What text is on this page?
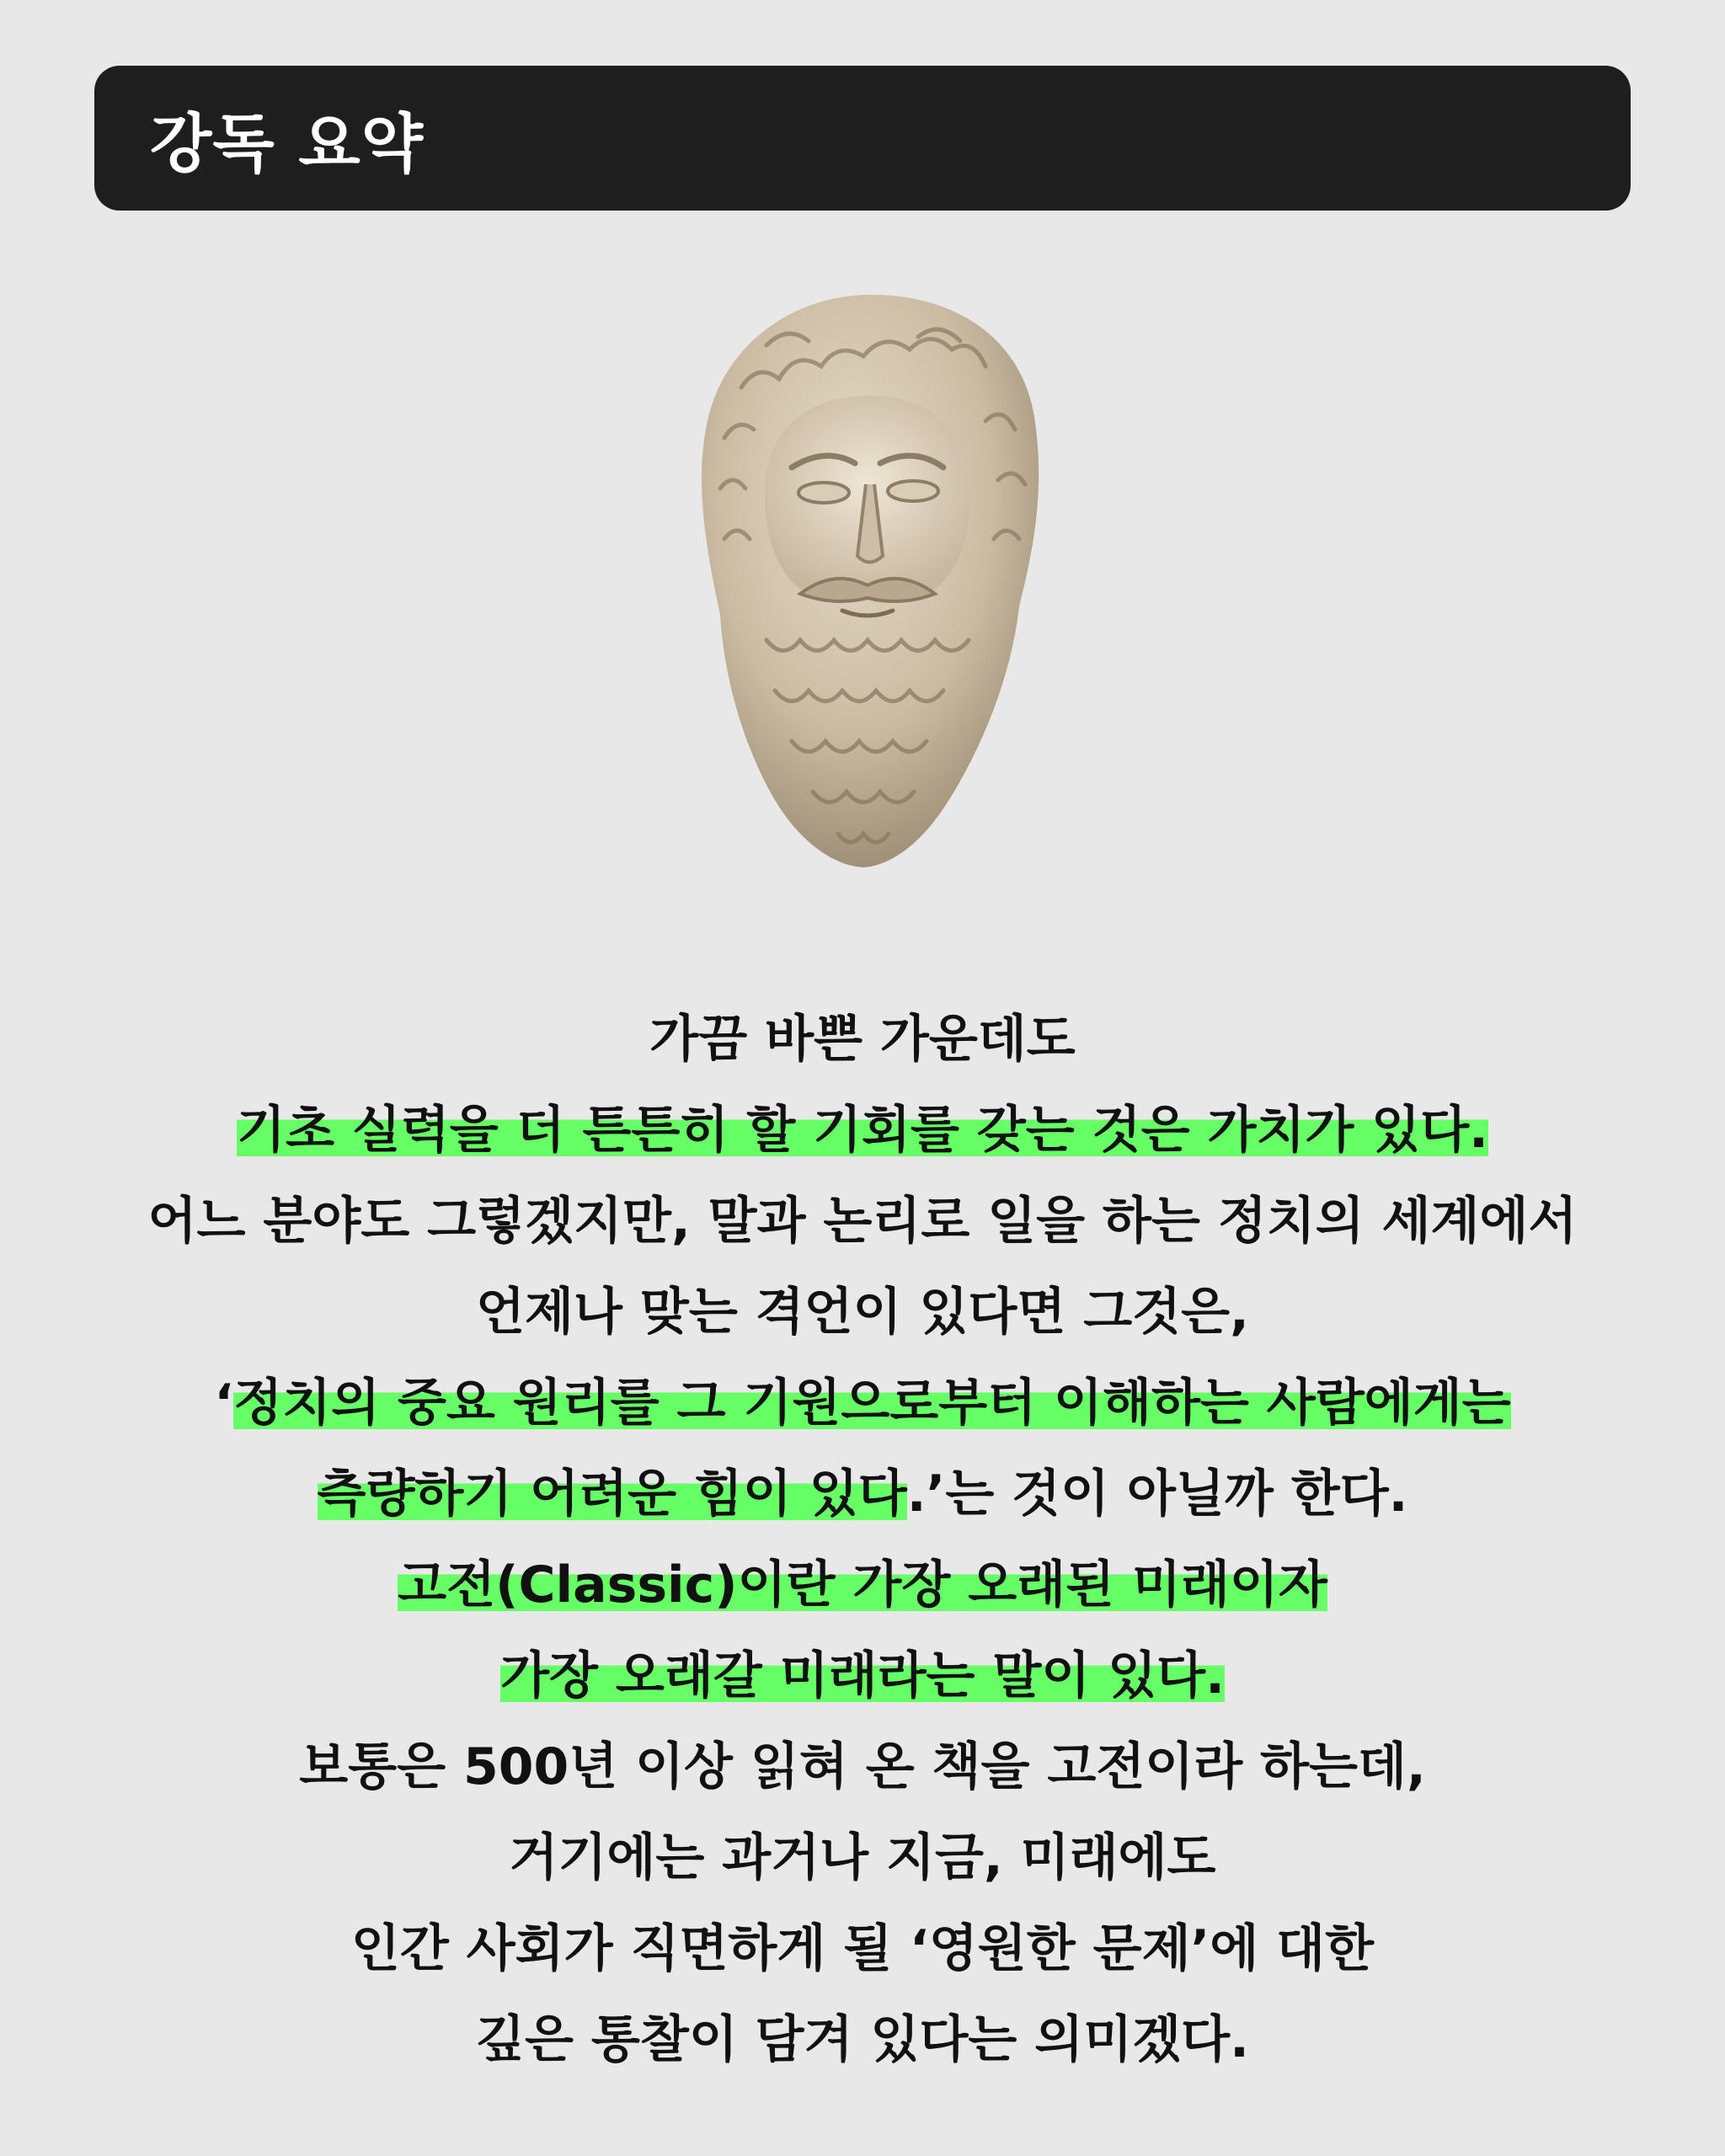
강독 요약
가끔 바쁜 가운데도
기초 실력을 더 튼튼히 할 기회를 갖는 것은 가치가 있다.
어느 분야도 그렇겠지만, 말과 논리로 일을 하는 정치의 세계에서
언제나 맞는 격언이 있다면 그것은,
‘정치의 중요 원리를 그 기원으로부터 이해하는 사람에게는
측량하기 어려운 힘이 있다.’는 것이 아닐까 한다.
고전(Classic)이란 가장 오래된 미래이자
가장 오래갈 미래라는 말이 있다.
보통은 500년 이상 읽혀 온 책을 고전이라 하는데,
거기에는 과거나 지금, 미래에도
인간 사회가 직면하게 될 ‘영원한 문제’에 대한
깊은 통찰이 담겨 있다는 의미겠다.
